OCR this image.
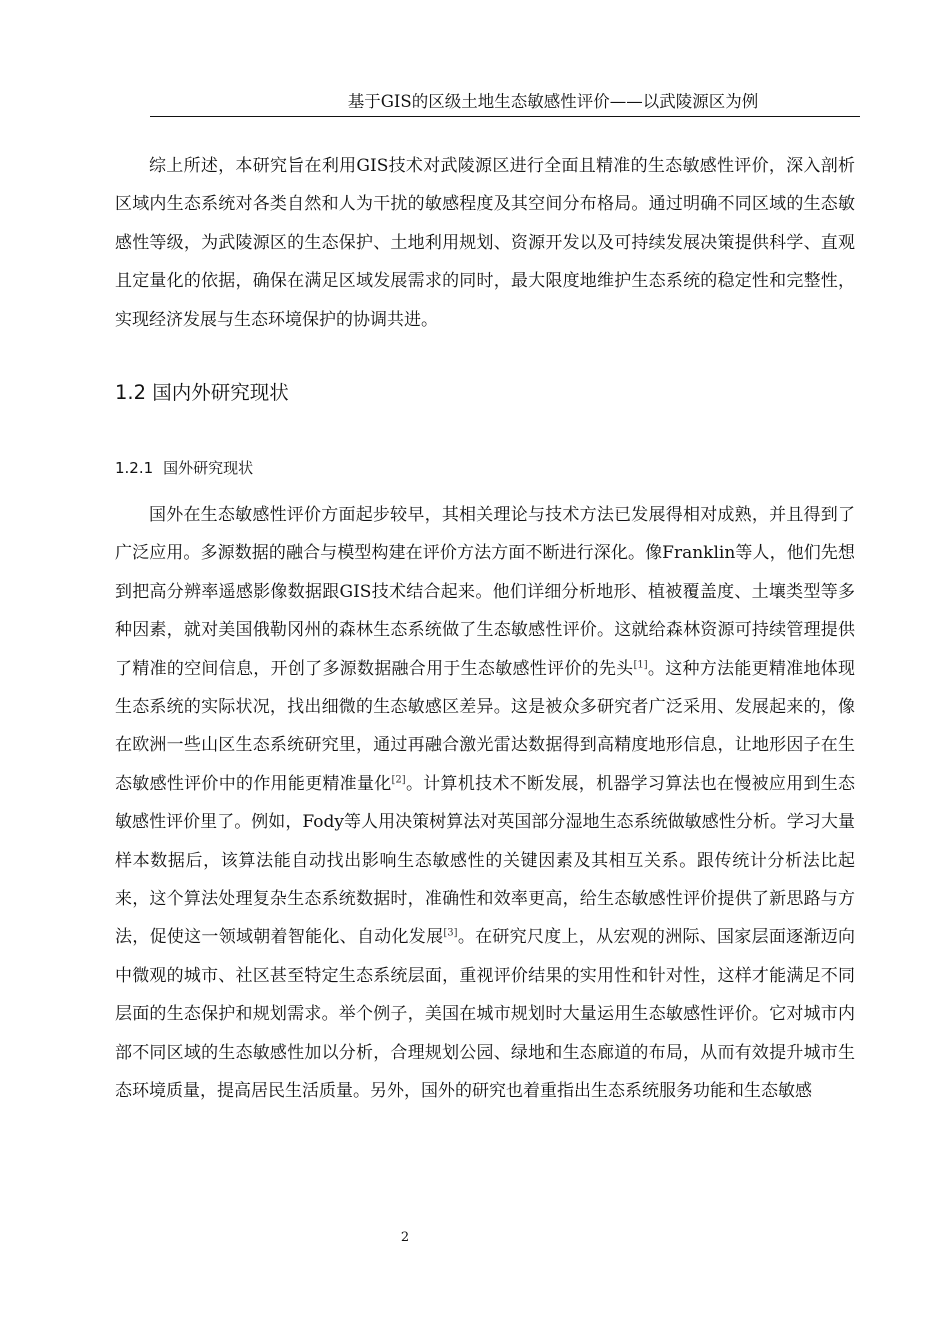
基于GIS的区级土地生态敏感性评价——以武陵源区为例

综上所述，本研究旨在利用GIS技术对武陵源区进行全面且精准的生态敏感性评价，深入剖析区域内生态系统对各类自然和人为干扰的敏感程度及其空间分布格局。通过明确不同区域的生态敏感性等级，为武陵源区的生态保护、土地利用规划、资源开发以及可持续发展决策提供科学、直观且定量化的依据，确保在满足区域发展需求的同时，最大限度地维护生态系统的稳定性和完整性，实现经济发展与生态环境保护的协调共进。

1.2 国内外研究现状
1.2.1 国外研究现状

国外在生态敏感性评价方面起步较早，其相关理论与技术方法已发展得相对成熟，并且得到了广泛应用。多源数据的融合与模型构建在评价方法方面不断进行深化。像Franklin等人，他们先想到把高分辨率遥感影像数据跟GIS技术结合起来。他们详细分析地形、植被覆盖度、土壤类型等多种因素，就对美国俄勒冈州的森林生态系统做了生态敏感性评价。这就给森林资源可持续管理提供了精准的空间信息，开创了多源数据融合用于生态敏感性评价的先头[1]。这种方法能更精准地体现生态系统的实际状况，找出细微的生态敏感区差异。这是被众多研究者广泛采用、发展起来的，像在欧洲一些山区生态系统研究里，通过再融合激光雷达数据得到高精度地形信息，让地形因子在生态敏感性评价中的作用能更精准量化[2]。计算机技术不断发展，机器学习算法也在慢被应用到生态敏感性评价里了。例如，Fody等人用决策树算法对英国部分湿地生态系统做敏感性分析。学习大量样本数据后，该算法能自动找出影响生态敏感性的关键因素及其相互关系。跟传统计分析法比起来，这个算法处理复杂生态系统数据时，准确性和效率更高，给生态敏感性评价提供了新思路与方法，促使这一领域朝着智能化、自动化发展[3]。在研究尺度上，从宏观的洲际、国家层面逐渐迈向中微观的城市、社区甚至特定生态系统层面，重视评价结果的实用性和针对性，这样才能满足不同层面的生态保护和规划需求。举个例子，美国在城市规划时大量运用生态敏感性评价。它对城市内部不同区域的生态敏感性加以分析，合理规划公园、绿地和生态廊道的布局，从而有效提升城市生态环境质量，提高居民生活质量。另外，国外的研究也着重指出生态系统服务功能和生态敏感

2
